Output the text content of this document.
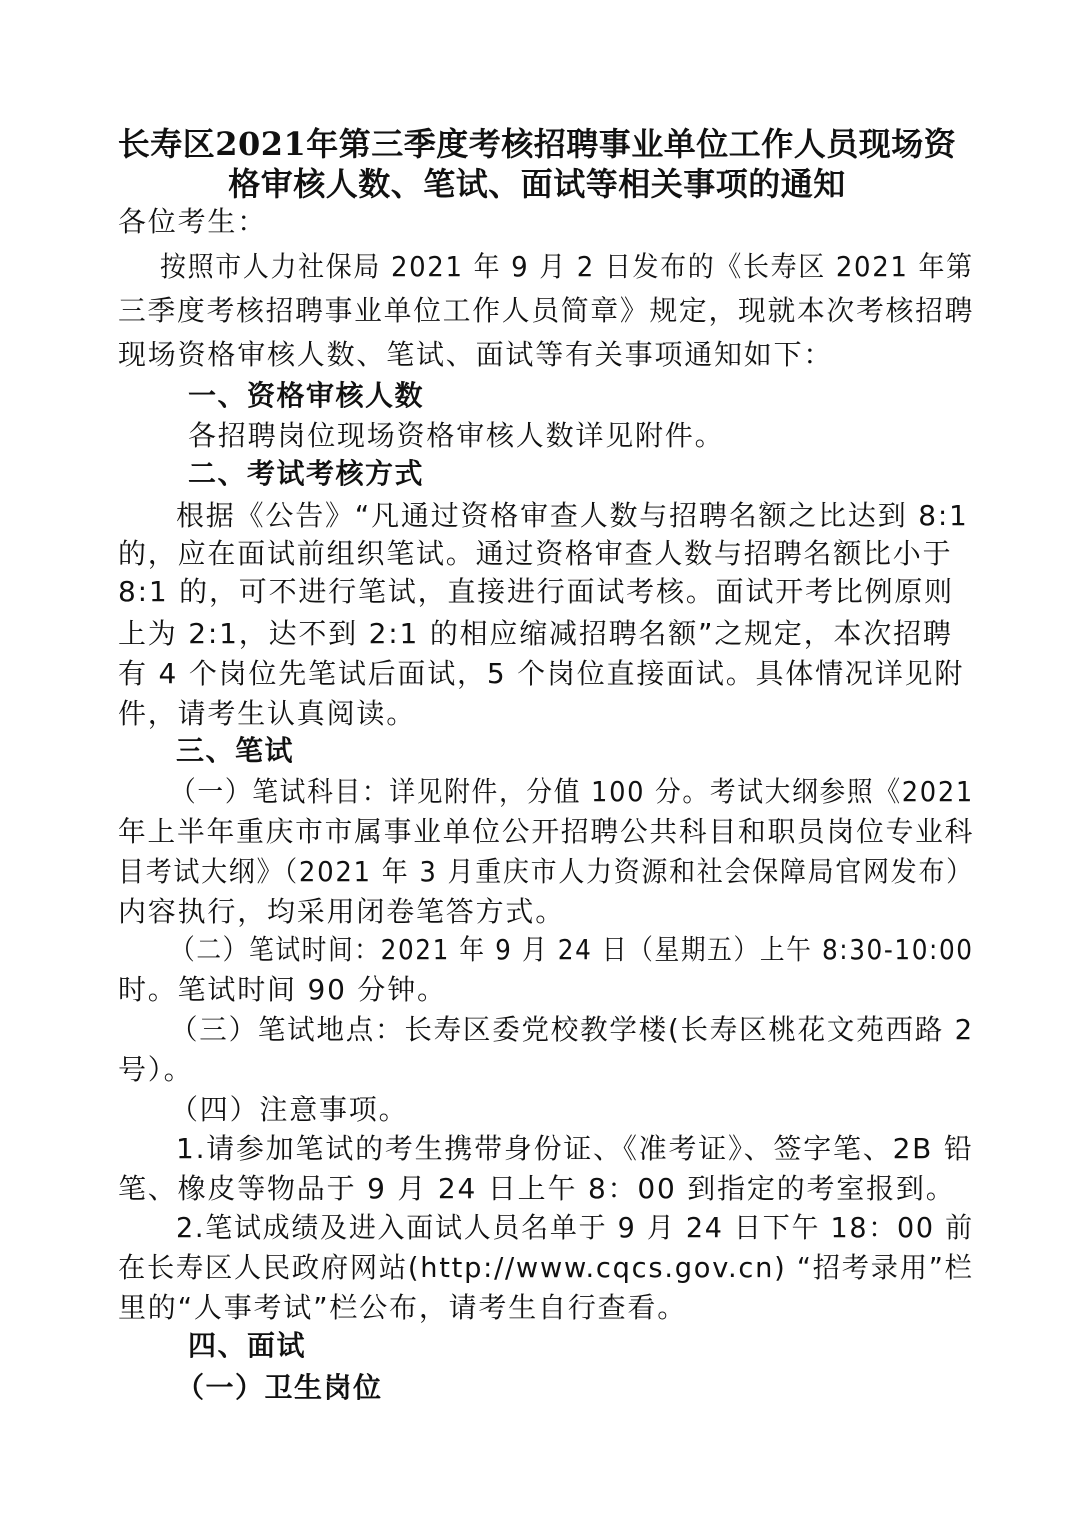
长寿区2021年第三季度考核招聘事业单位工作人员现场资
格审核人数、笔试、面试等相关事项的通知
各位考生：
按照市人力社保局 2021 年 9 月 2 日发布的《长寿区 2021 年第
三季度考核招聘事业单位工作人员简章》规定，现就本次考核招聘
现场资格审核人数、笔试、面试等有关事项通知如下：
一、资格审核人数
各招聘岗位现场资格审核人数详见附件。
二、考试考核方式
根据《公告》“凡通过资格审查人数与招聘名额之比达到 8:1
的，应在面试前组织笔试。通过资格审查人数与招聘名额比小于
8:1 的，可不进行笔试，直接进行面试考核。面试开考比例原则
上为 2:1，达不到 2:1 的相应缩减招聘名额”之规定，本次招聘
有 4 个岗位先笔试后面试，5 个岗位直接面试。具体情况详见附
件，请考生认真阅读。
三、笔试
（一）笔试科目：详见附件，分值 100 分。考试大纲参照《2021
年上半年重庆市市属事业单位公开招聘公共科目和职员岗位专业科
目考试大纲》（2021 年 3 月重庆市人力资源和社会保障局官网发布）
内容执行，均采用闭卷笔答方式。
（二）笔试时间：2021 年 9 月 24 日（星期五）上午 8:30-10:00
时。笔试时间 90 分钟。
（三）笔试地点：长寿区委党校教学楼(长寿区桃花文苑西路 2
号）。
（四）注意事项。
1.请参加笔试的考生携带身份证、《准考证》、签字笔、2B 铅
笔、橡皮等物品于 9 月 24 日上午 8：00 到指定的考室报到。
2.笔试成绩及进入面试人员名单于 9 月 24 日下午 18：00 前
在长寿区人民政府网站(http://www.cqcs.gov.cn) “招考录用”栏
里的“人事考试”栏公布，请考生自行查看。
四、面试
（一）卫生岗位
